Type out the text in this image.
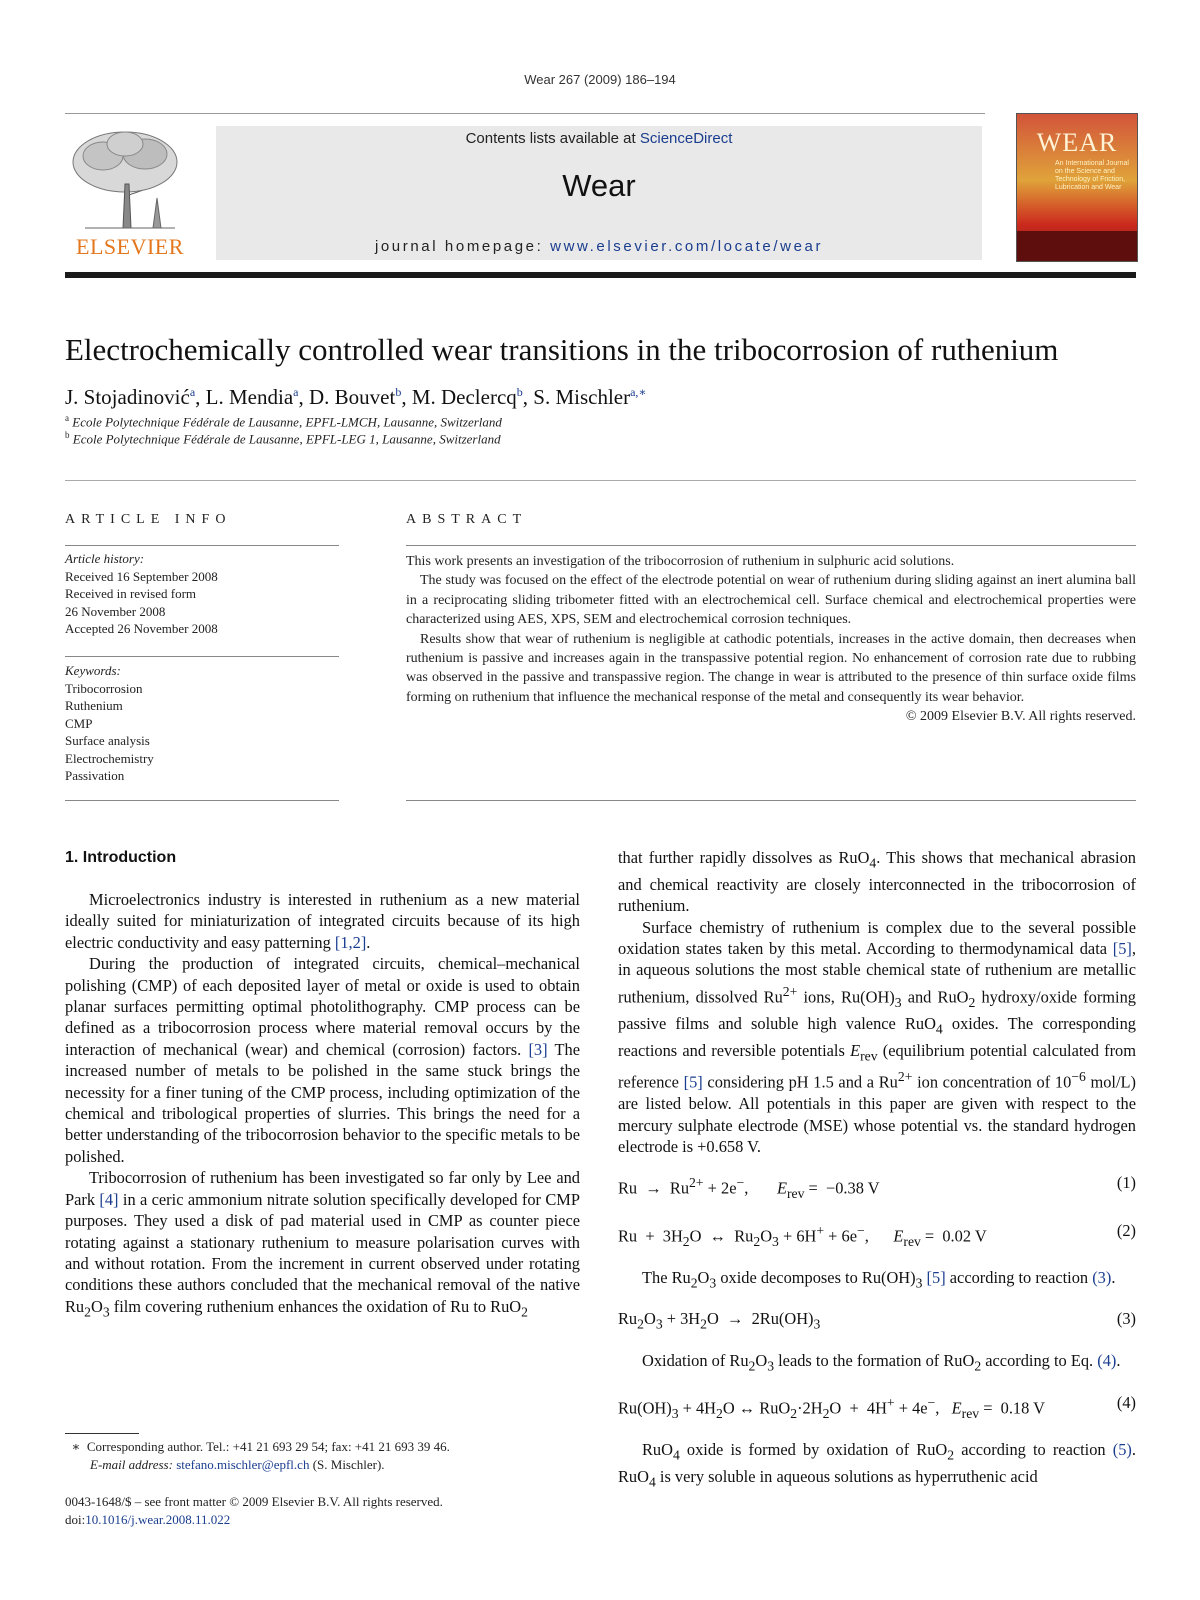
Wear 267 (2009) 186–194
ELSEVIER
Contents lists available at ScienceDirect
Wear
journal homepage: www.elsevier.com/locate/wear
WEAR
An International Journal on the Science and Technology of Friction, Lubrication and Wear
Electrochemically controlled wear transitions in the tribocorrosion of ruthenium
J. Stojadinović$^a$, L. Mendia$^a$, D. Bouvet$^b$, M. Declercq$^b$, S. Mischler$^{a,∗}$
$^a$ Ecole Polytechnique Fédérale de Lausanne, EPFL-LMCH, Lausanne, Switzerland
$^b$ Ecole Polytechnique Fédérale de Lausanne, EPFL-LEG 1, Lausanne, Switzerland
ARTICLE INFO
Article history:
Received 16 September 2008
Received in revised form
26 November 2008
Accepted 26 November 2008
Keywords:
Tribocorrosion
Ruthenium
CMP
Surface analysis
Electrochemistry
Passivation
ABSTRACT

This work presents an investigation of the tribocorrosion of ruthenium in sulphuric acid solutions.

The study was focused on the effect of the electrode potential on wear of ruthenium during sliding against an inert alumina ball in a reciprocating sliding tribometer fitted with an electrochemical cell. Surface chemical and electrochemical properties were characterized using AES, XPS, SEM and electrochemical corrosion techniques.

Results show that wear of ruthenium is negligible at cathodic potentials, increases in the active domain, then decreases when ruthenium is passive and increases again in the transpassive potential region. No enhancement of corrosion rate due to rubbing was observed in the passive and transpassive region. The change in wear is attributed to the presence of thin surface oxide films forming on ruthenium that influence the mechanical response of the metal and consequently its wear behavior.

© 2009 Elsevier B.V. All rights reserved.
1. Introduction

Microelectronics industry is interested in ruthenium as a new material ideally suited for miniaturization of integrated circuits because of its high electric conductivity and easy patterning [1,2].

During the production of integrated circuits, chemical–mechanical polishing (CMP) of each deposited layer of metal or oxide is used to obtain planar surfaces permitting optimal photolithography. CMP process can be defined as a tribocorrosion process where material removal occurs by the interaction of mechanical (wear) and chemical (corrosion) factors. [3] The increased number of metals to be polished in the same stuck brings the necessity for a finer tuning of the CMP process, including optimization of the chemical and tribological properties of slurries. This brings the need for a better understanding of the tribocorrosion behavior to the specific metals to be polished.

Tribocorrosion of ruthenium has been investigated so far only by Lee and Park [4] in a ceric ammonium nitrate solution specifically developed for CMP purposes. They used a disk of pad material used in CMP as counter piece rotating against a stationary ruthenium to measure polarisation curves with and without rotation. From the increment in current observed under rotating conditions these authors concluded that the mechanical removal of the native $Ru_2O_3$ film covering ruthenium enhances the oxidation of Ru to RuO$_2$

that further rapidly dissolves as RuO$_4$. This shows that mechanical abrasion and chemical reactivity are closely interconnected in the tribocorrosion of ruthenium.

Surface chemistry of ruthenium is complex due to the several possible oxidation states taken by this metal. According to thermodynamical data [5], in aqueous solutions the most stable chemical state of ruthenium are metallic ruthenium, dissolved $Ru^{2+}$ ions, $Ru(OH)_3$ and RuO$_2$ hydroxy/oxide forming passive films and soluble high valence RuO$_4$ oxides. The corresponding reactions and reversible potentials $E_{rev}$ (equilibrium potential calculated from reference [5] considering pH 1.5 and a $Ru^{2+}$ ion concentration of $10^{-6}$ mol/L) are listed below. All potentials in this paper are given with respect to the mercury sulphate electrode (MSE) whose potential vs. the standard hydrogen electrode is +0.658 V.

$Ru \to Ru^{2+} + 2e^-$,       $E_{rev} = -0.38$ V	(1)
$Ru + 3H_2O$  ↔  $Ru_2O_3 + 6H^+ + 6e^-$,      $E_{rev} = 0.02$ V	(2)

The $Ru_2O_3$ oxide decomposes to $Ru(OH)_3$ [5] according to reaction (3).

$Ru_2O_3 + 3H_2O \to 2Ru(OH)_3$	(3)

Oxidation of $Ru_2O_3$ leads to the formation of RuO$_2$ according to Eq. (4).

$Ru(OH)_3 + 4H_2O$ ↔ $RuO_2\cdot 2H_2O + 4H^+ + 4e^-$,   $E_{rev} = 0.18$ V	(4)

RuO$_4$ oxide is formed by oxidation of RuO$_2$ according to reaction (5). RuO$_4$ is very soluble in aqueous solutions as hyperruthenic acid

∗  Corresponding author. Tel.: +41 21 693 29 54; fax: +41 21 693 39 46.
E-mail address: stefano.mischler@epfl.ch (S. Mischler).
0043-1648/$ – see front matter © 2009 Elsevier B.V. All rights reserved.
doi:10.1016/j.wear.2008.11.022
